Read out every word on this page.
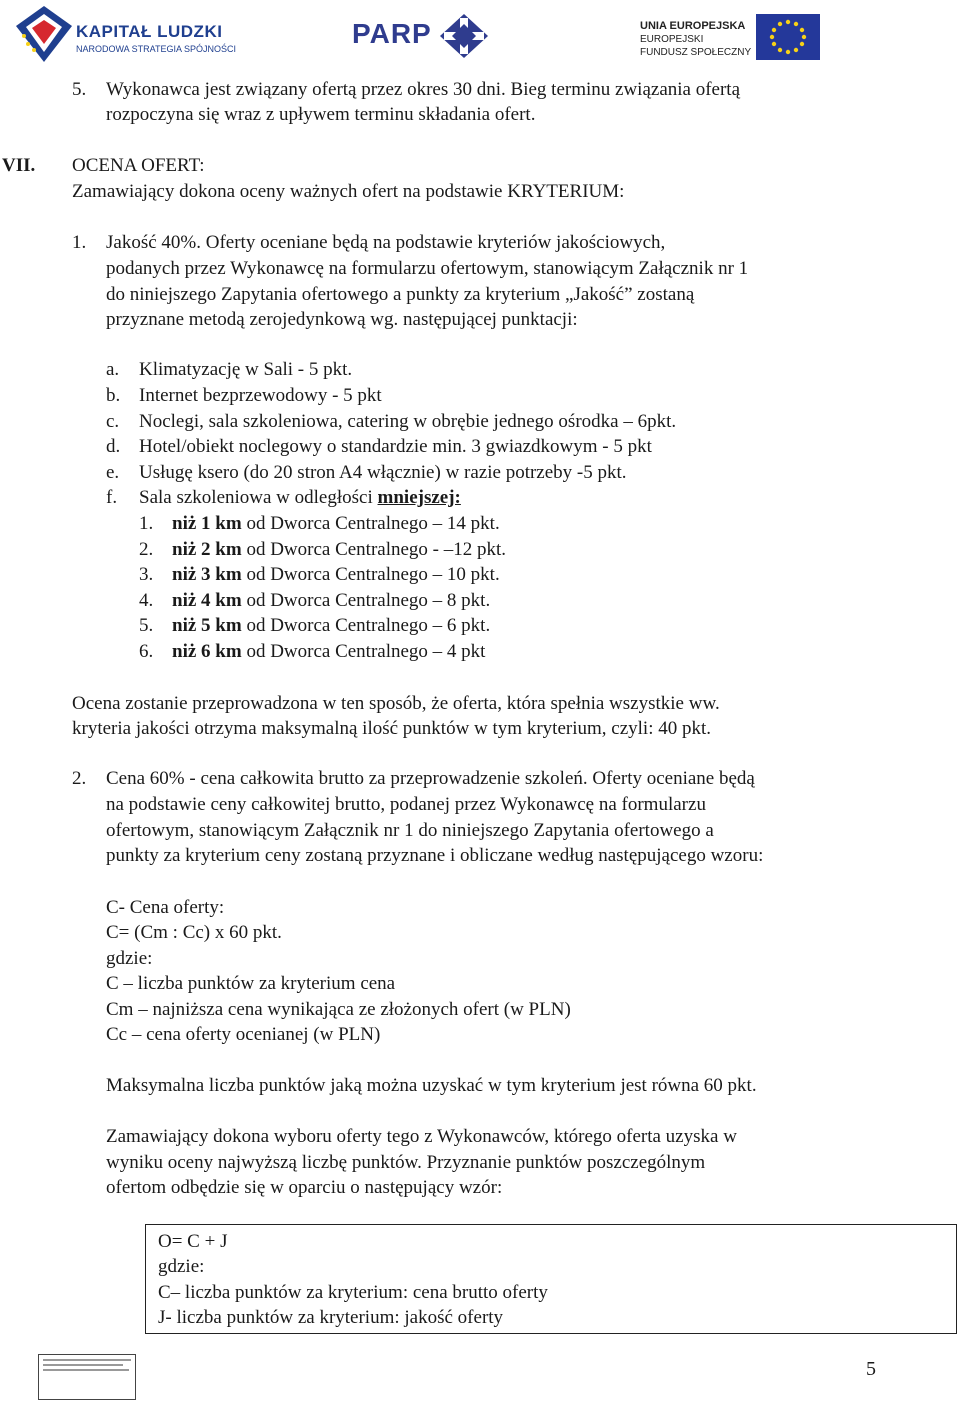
KAPITAŁ LUDZKI
NARODOWA STRATEGIA SPÓJNOŚCI	PARP	UNIA EUROPEJSKA
EUROPEJSKI
FUNDUSZ SPOŁECZNY
5. Wykonawca jest związany ofertą przez okres 30 dni. Bieg terminu związania ofertą
rozpoczyna się wraz z upływem terminu składania ofert.
VII. OCENA OFERT:
Zamawiający dokona oceny ważnych ofert na podstawie KRYTERIUM:
1. Jakość 40%. Oferty oceniane będą na podstawie kryteriów jakościowych,
podanych przez Wykonawcę na formularzu ofertowym, stanowiącym Załącznik nr 1
do niniejszego Zapytania ofertowego a punkty za kryterium „Jakość” zostaną
przyznane metodą zerojedynkową wg. następującej punktacji:
a. Klimatyzację w Sali - 5 pkt.
b. Internet bezprzewodowy - 5 pkt
c. Noclegi, sala szkoleniowa, catering w obrębie jednego ośrodka – 6pkt.
d. Hotel/obiekt noclegowy o standardzie min. 3 gwiazdkowym - 5 pkt
e. Usługę ksero (do 20 stron A4 włącznie) w razie potrzeby -5 pkt.
f. Sala szkoleniowa w odległości mniejszej:
1. niż 1 km od Dworca Centralnego – 14 pkt.
2. niż 2 km od Dworca Centralnego - –12 pkt.
3. niż 3 km od Dworca Centralnego – 10 pkt.
4. niż 4 km od Dworca Centralnego – 8 pkt.
5. niż 5 km od Dworca Centralnego – 6 pkt.
6. niż 6 km od Dworca Centralnego – 4 pkt
Ocena zostanie przeprowadzona w ten sposób, że oferta, która spełnia wszystkie ww.
kryteria jakości otrzyma maksymalną ilość punktów w tym kryterium, czyli: 40 pkt.
2. Cena 60% - cena całkowita brutto za przeprowadzenie szkoleń. Oferty oceniane będą
na podstawie ceny całkowitej brutto, podanej przez Wykonawcę na formularzu
ofertowym, stanowiącym Załącznik nr 1 do niniejszego Zapytania ofertowego a
punkty za kryterium ceny zostaną przyznane i obliczane według następującego wzoru:
C- Cena oferty:
C= (Cm : Cc) x 60 pkt.
gdzie:
C – liczba punktów za kryterium cena
Cm – najniższa cena wynikająca ze złożonych ofert (w PLN)
Cc – cena oferty ocenianej (w PLN)
Maksymalna liczba punktów jaką można uzyskać w tym kryterium jest równa 60 pkt.
Zamawiający dokona wyboru oferty tego z Wykonawców, którego oferta uzyska w
wyniku oceny najwyższą liczbę punktów. Przyznanie punktów poszczególnym
ofertom odbędzie się w oparciu o następujący wzór:
O= C + J
gdzie:
C– liczba punktów za kryterium: cena brutto oferty
J- liczba punktów za kryterium: jakość oferty
5
